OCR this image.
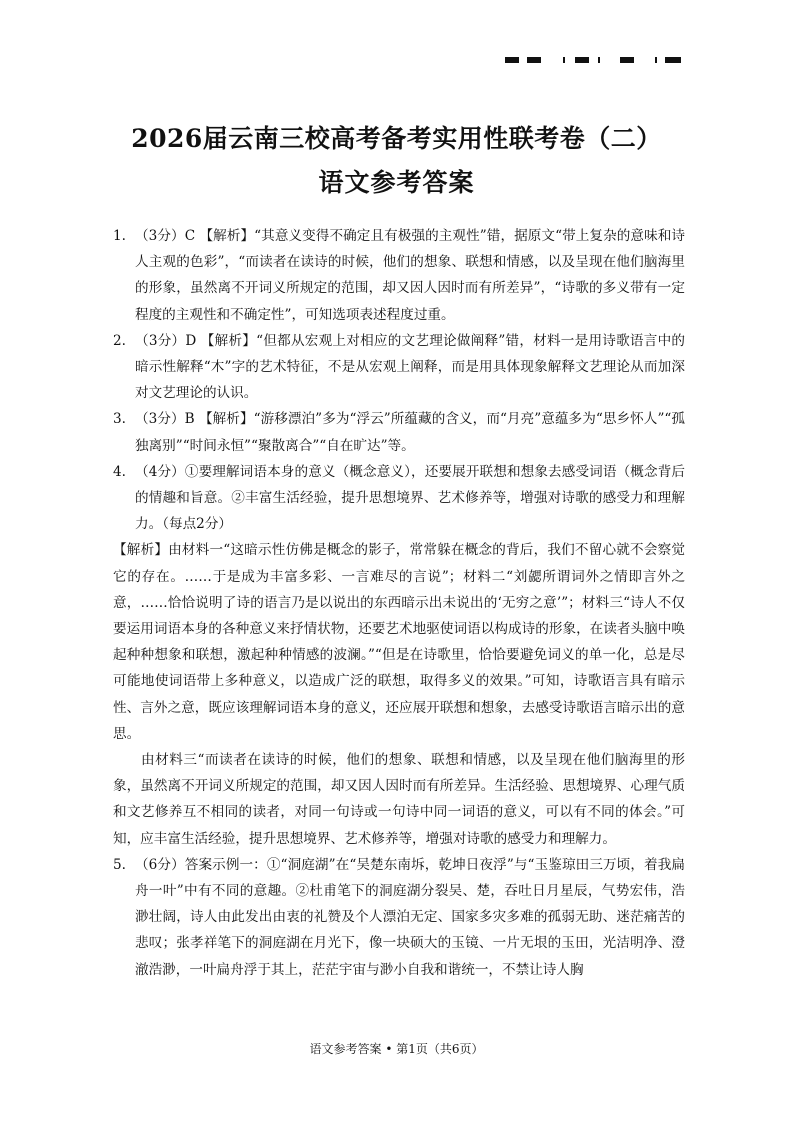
2026届云南三校高考备考实用性联考卷（二）
语文参考答案
1. （3分）C 【解析】“其意义变得不确定且有极强的主观性”错，据原文“带上复杂的意味和诗人主观的色彩”，“而读者在读诗的时候，他们的想象、联想和情感，以及呈现在他们脑海里的形象，虽然离不开词义所规定的范围，却又因人因时而有所差异”，“诗歌的多义带有一定程度的主观性和不确定性”，可知选项表述程度过重。

2. （3分）D 【解析】“但都从宏观上对相应的文艺理论做阐释”错，材料一是用诗歌语言中的暗示性解释“木”字的艺术特征，不是从宏观上阐释，而是用具体现象解释文艺理论从而加深对文艺理论的认识。

3. （3分）B 【解析】“游移漂泊”多为“浮云”所蕴藏的含义，而“月亮”意蕴多为“思乡怀人”“孤独离别”“时间永恒”“聚散离合”“自在旷达”等。

4. （4分）①要理解词语本身的意义（概念意义），还要展开联想和想象去感受词语（概念背后的情趣和旨意。②丰富生活经验，提升思想境界、艺术修养等，增强对诗歌的感受力和理解力。（每点2分）

【解析】由材料一“这暗示性仿佛是概念的影子，常常躲在概念的背后，我们不留心就不会察觉它的存在。……于是成为丰富多彩、一言难尽的言说”；材料二“刘勰所谓词外之情即言外之意，……恰恰说明了诗的语言乃是以说出的东西暗示出未说出的‘无穷之意’”；材料三“诗人不仅要运用词语本身的各种意义来抒情状物，还要艺术地驱使词语以构成诗的形象，在读者头脑中唤起种种想象和联想，激起种种情感的波澜。”“但是在诗歌里，恰恰要避免词义的单一化，总是尽可能地使词语带上多种意义，以造成广泛的联想，取得多义的效果。”可知，诗歌语言具有暗示性、言外之意，既应该理解词语本身的意义，还应展开联想和想象，去感受诗歌语言暗示出的意思。

由材料三“而读者在读诗的时候，他们的想象、联想和情感，以及呈现在他们脑海里的形象，虽然离不开词义所规定的范围，却又因人因时而有所差异。生活经验、思想境界、心理气质和文艺修养互不相同的读者，对同一句诗或一句诗中同一词语的意义，可以有不同的体会。”可知，应丰富生活经验，提升思想境界、艺术修养等，增强对诗歌的感受力和理解力。

5. （6分）答案示例一：①“洞庭湖”在“吴楚东南坼，乾坤日夜浮”与“玉鉴琼田三万顷，着我扁舟一叶”中有不同的意趣。②杜甫笔下的洞庭湖分裂吴、楚，吞吐日月星辰，气势宏伟，浩渺壮阔，诗人由此发出由衷的礼赞及个人漂泊无定、国家多灾多难的孤弱无助、迷茫痛苦的悲叹；张孝祥笔下的洞庭湖在月光下，像一块硕大的玉镜、一片无垠的玉田，光洁明净、澄澈浩渺，一叶扁舟浮于其上，茫茫宇宙与渺小自我和谐统一，不禁让诗人胸

语文参考答案 • 第1页（共6页）
